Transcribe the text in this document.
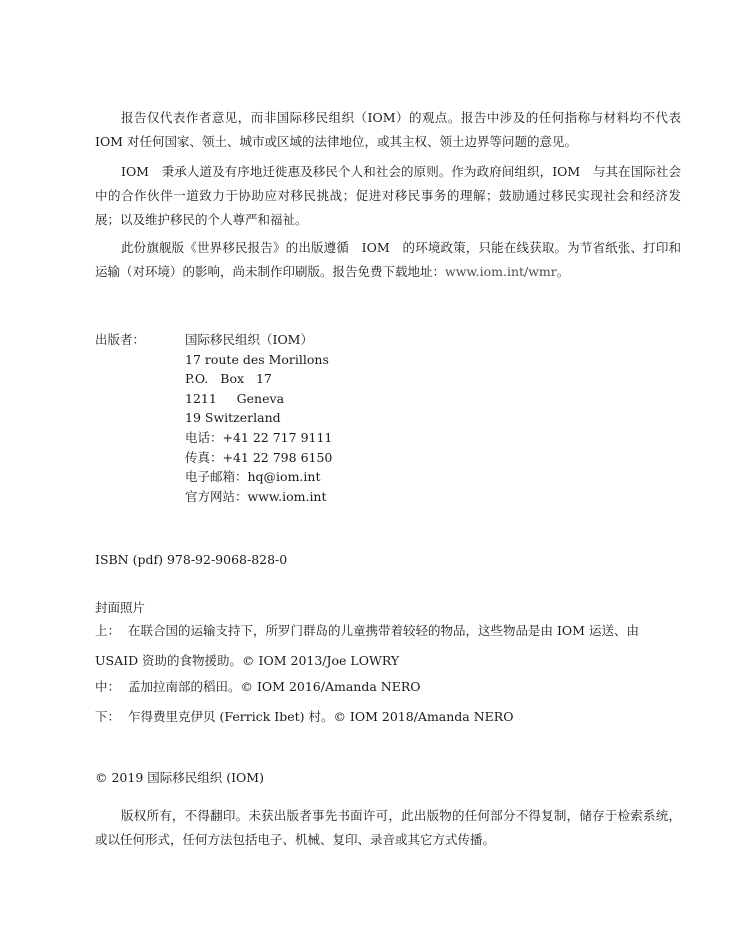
报告仅代表作者意见，而非国际移民组织（IOM）的观点。报告中涉及的任何指称与材料均不代表 IOM 对任何国家、领土、城市或区域的法律地位，或其主权、领土边界等问题的意见。

IOM　秉承人道及有序地迁徙惠及移民个人和社会的原则。作为政府间组织，IOM　与其在国际社会中的合作伙伴一道致力于协助应对移民挑战；促进对移民事务的理解；鼓励通过移民实现社会和经济发展；以及维护移民的个人尊严和福祉。

此份旗舰版《世界移民报告》的出版遵循　IOM　的环境政策，只能在线获取。为节省纸张、打印和运输（对环境）的影响，尚未制作印刷版。报告免费下载地址：www.iom.int/wmr。

出版者：	国际移民组织（IOM）
17 route des Morillons
P.O.   Box   17
1211     Geneva
19 Switzerland
电话：+41 22 717 9111
传真：+41 22 798 6150
电子邮箱：hq@iom.int
官方网站：www.iom.int
ISBN (pdf) 978-92-9068-828-0
封面照片

上： 在联合国的运输支持下，所罗门群岛的儿童携带着较轻的物品，这些物品是由 IOM 运送、由　USAID 资助的食物援助。© IOM 2013/Joe LOWRY

中： 孟加拉南部的稻田。© IOM 2016/Amanda NERO

下： 乍得费里克伊贝 (Ferrick Ibet) 村。© IOM 2018/Amanda NERO

© 2019 国际移民组织 (IOM)

版权所有，不得翻印。未获出版者事先书面许可，此出版物的任何部分不得复制，储存于检索系统，或以任何形式，任何方法包括电子、机械、复印、录音或其它方式传播。
